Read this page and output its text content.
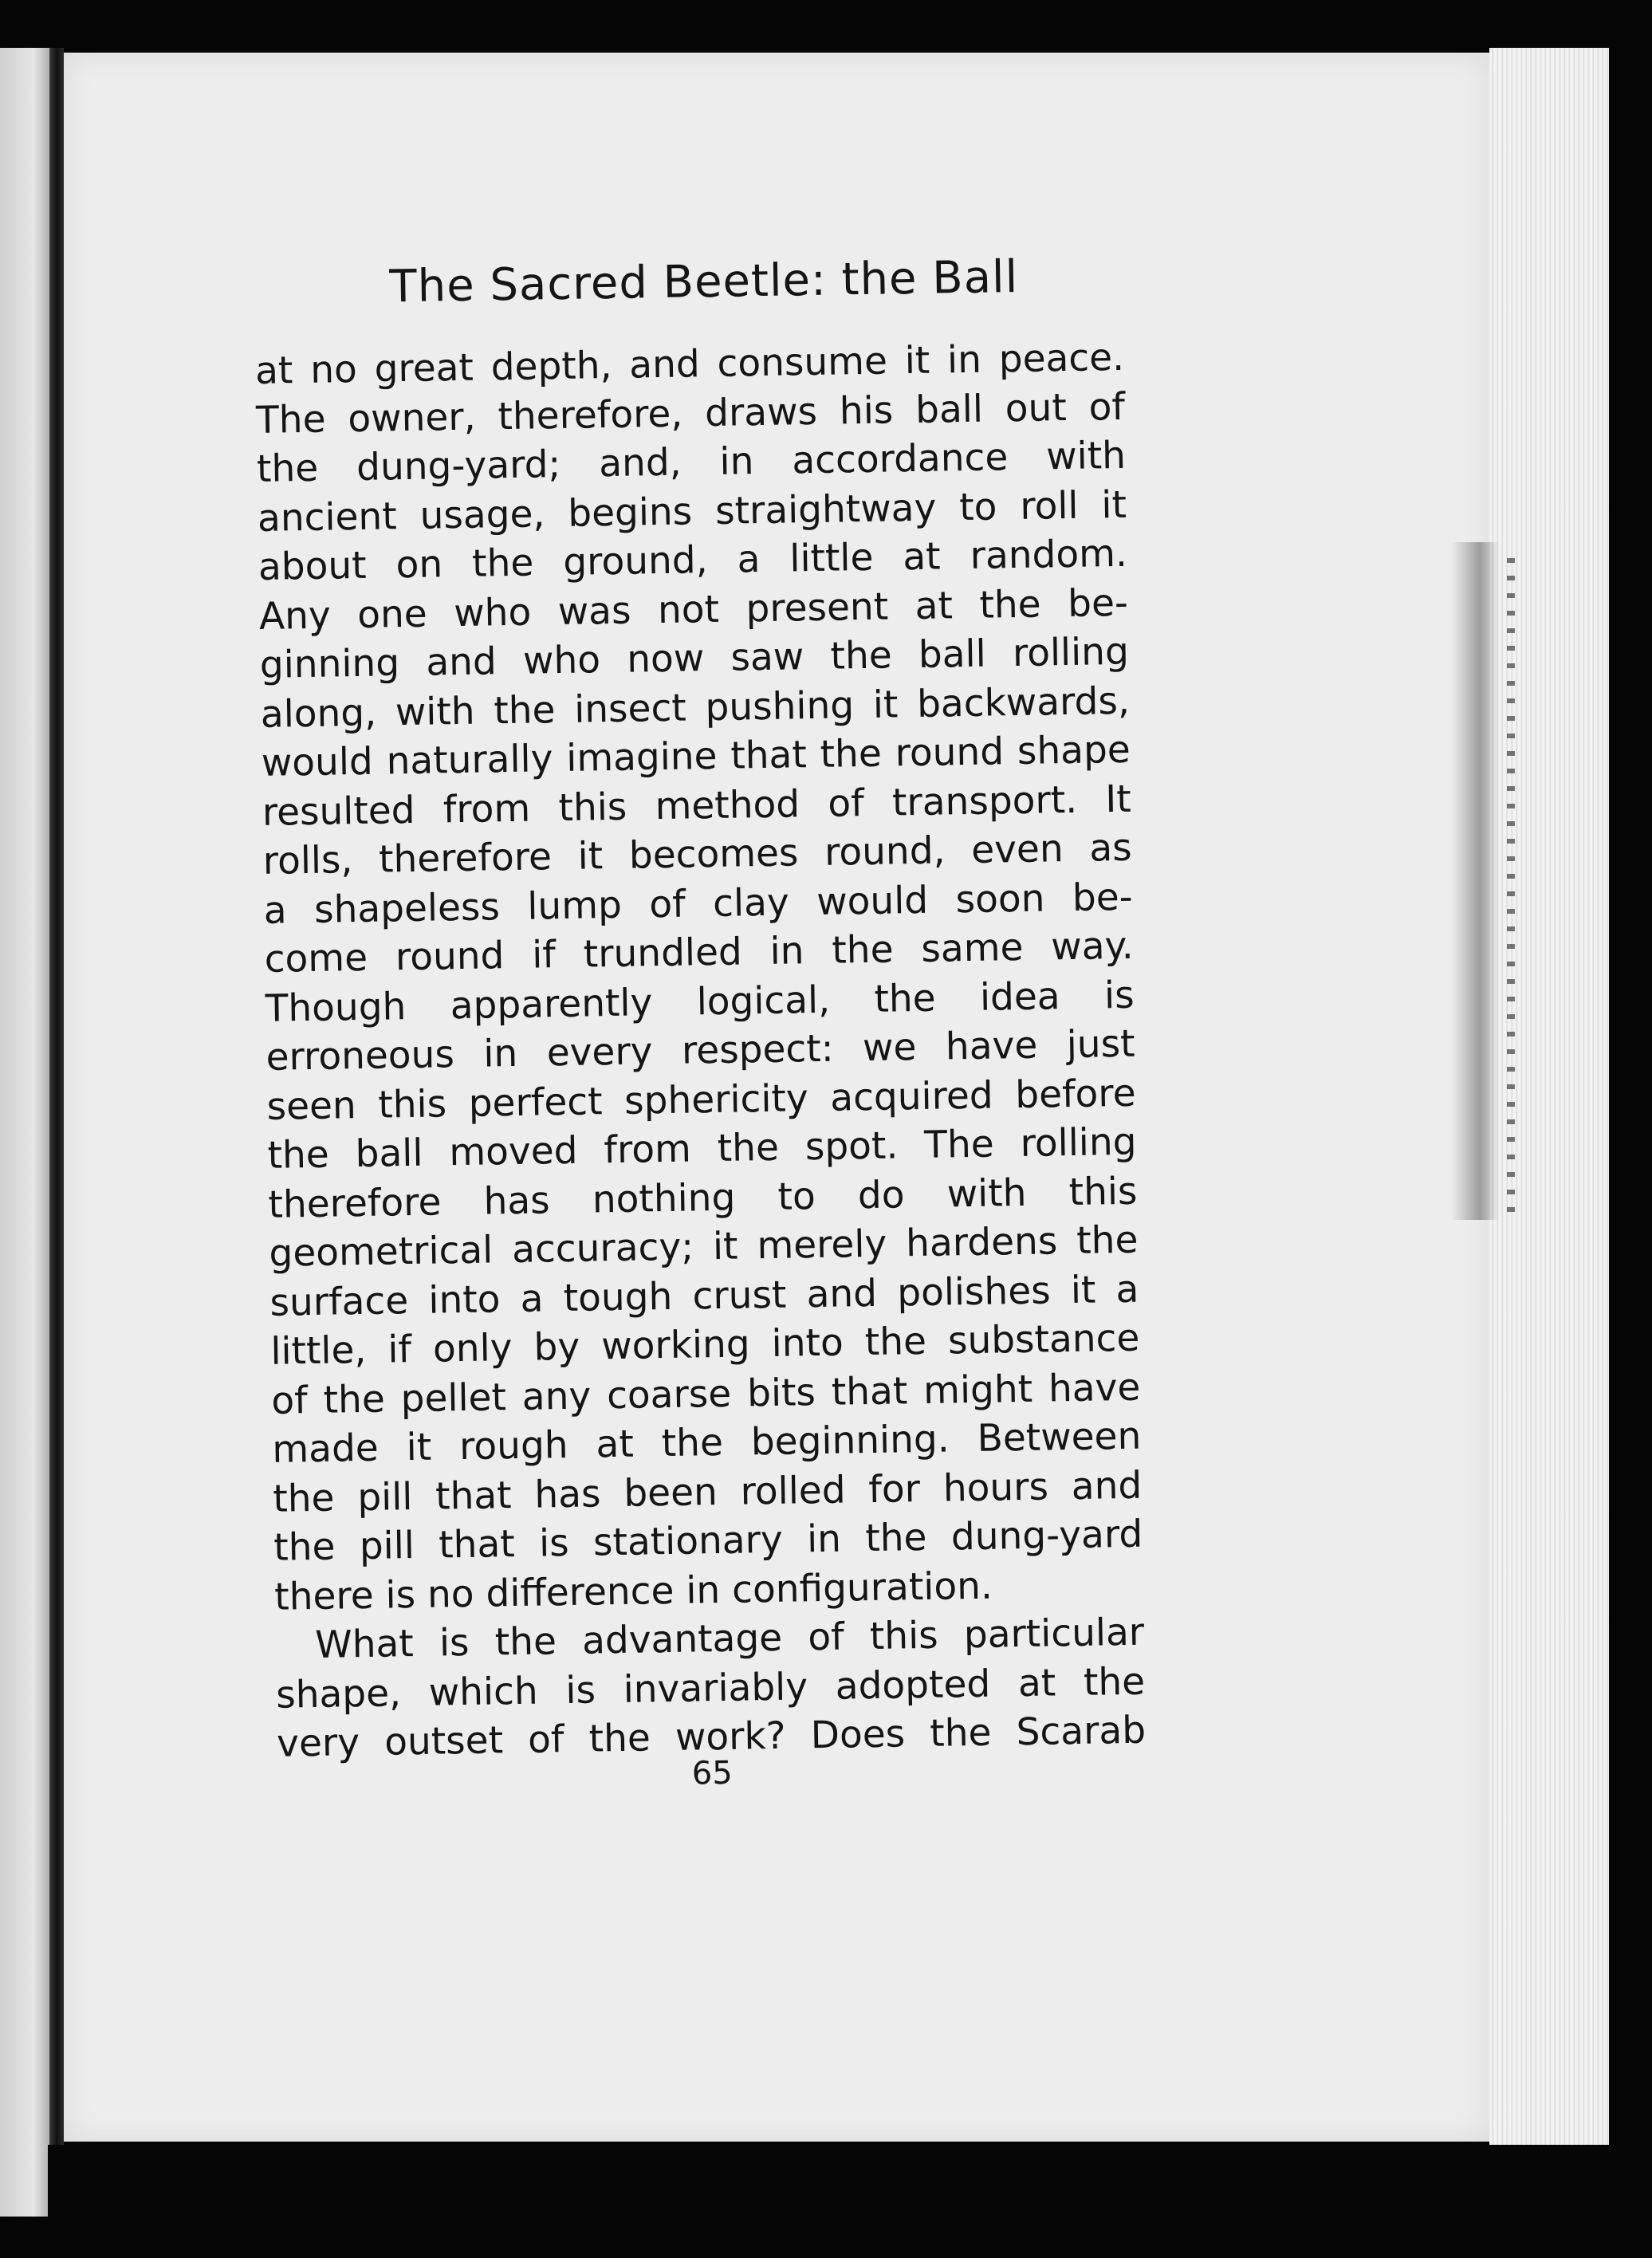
The Sacred Beetle: the Ball
at no great depth, and consume it in peace.
The owner, therefore, draws his ball out of
the dung-yard; and, in accordance with
ancient usage, begins straightway to roll it
about on the ground, a little at random.
Any one who was not present at the be-
ginning and who now saw the ball rolling
along, with the insect pushing it backwards,
would naturally imagine that the round shape
resulted from this method of transport. It
rolls, therefore it becomes round, even as
a shapeless lump of clay would soon be-
come round if trundled in the same way.
Though apparently logical, the idea is
erroneous in every respect: we have just
seen this perfect sphericity acquired before
the ball moved from the spot. The rolling
therefore has nothing to do with this
geometrical accuracy; it merely hardens the
surface into a tough crust and polishes it a
little, if only by working into the substance
of the pellet any coarse bits that might have
made it rough at the beginning. Between
the pill that has been rolled for hours and
the pill that is stationary in the dung-yard
there is no difference in configuration.
What is the advantage of this particular
shape, which is invariably adopted at the
very outset of the work? Does the Scarab
65
